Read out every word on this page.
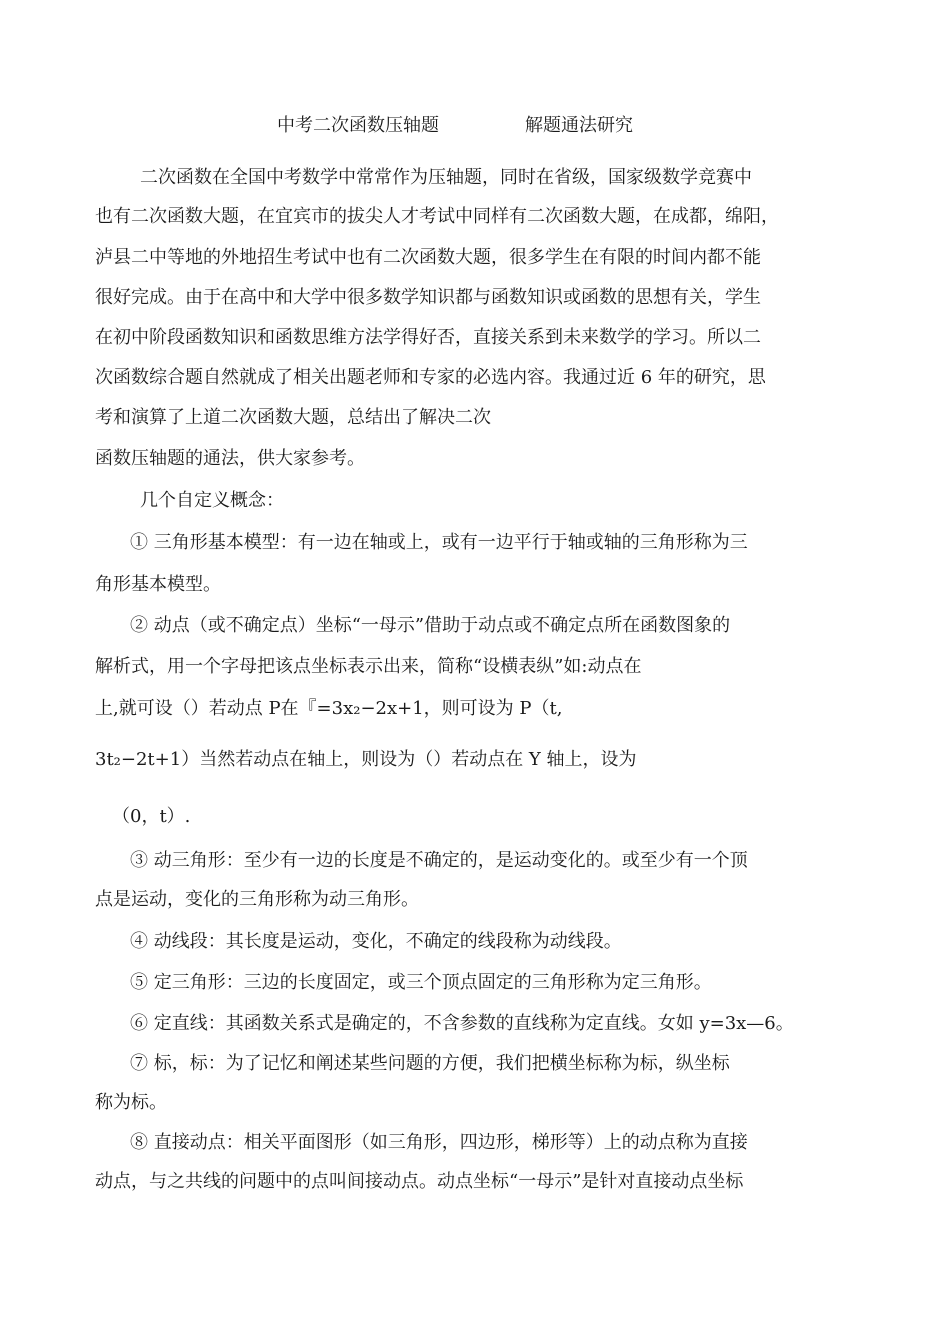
中考二次函数压轴题	解题通法研究

二次函数在全国中考数学中常常作为压轴题，同时在省级，国家级数学竞赛中

也有二次函数大题，在宜宾市的拔尖人才考试中同样有二次函数大题，在成都，绵阳，

泸县二中等地的外地招生考试中也有二次函数大题，很多学生在有限的时间内都不能

很好完成。由于在高中和大学中很多数学知识都与函数知识或函数的思想有关，学生

在初中阶段函数知识和函数思维方法学得好否，直接关系到未来数学的学习。所以二

次函数综合题自然就成了相关出题老师和专家的必选内容。我通过近 6 年的研究，思

考和演算了上道二次函数大题，总结出了解决二次

函数压轴题的通法，供大家参考。

几个自定义概念：

① 三角形基本模型：有一边在轴或上，或有一边平行于轴或轴的三角形称为三

角形基本模型。

② 动点（或不确定点）坐标“一母示”借助于动点或不确定点所在函数图象的

解析式，用一个字母把该点坐标表示出来，简称“设横表纵”如:动点在

上,就可设（）若动点 P在『=3x₂−2x+1，则可设为 P（t,

3t₂−2t+1）当然若动点在轴上，则设为（）若动点在 Y 轴上，设为

（0，t）.

③ 动三角形：至少有一边的长度是不确定的，是运动变化的。或至少有一个顶

点是运动，变化的三角形称为动三角形。

④ 动线段：其长度是运动，变化，不确定的线段称为动线段。

⑤ 定三角形：三边的长度固定，或三个顶点固定的三角形称为定三角形。

⑥ 定直线：其函数关系式是确定的，不含参数的直线称为定直线。女如 y=3x—6。

⑦ 标，标：为了记忆和阐述某些问题的方便，我们把横坐标称为标，纵坐标

称为标。

⑧ 直接动点：相关平面图形（如三角形，四边形，梯形等）上的动点称为直接

动点，与之共线的问题中的点叫间接动点。动点坐标“一母示”是针对直接动点坐标
